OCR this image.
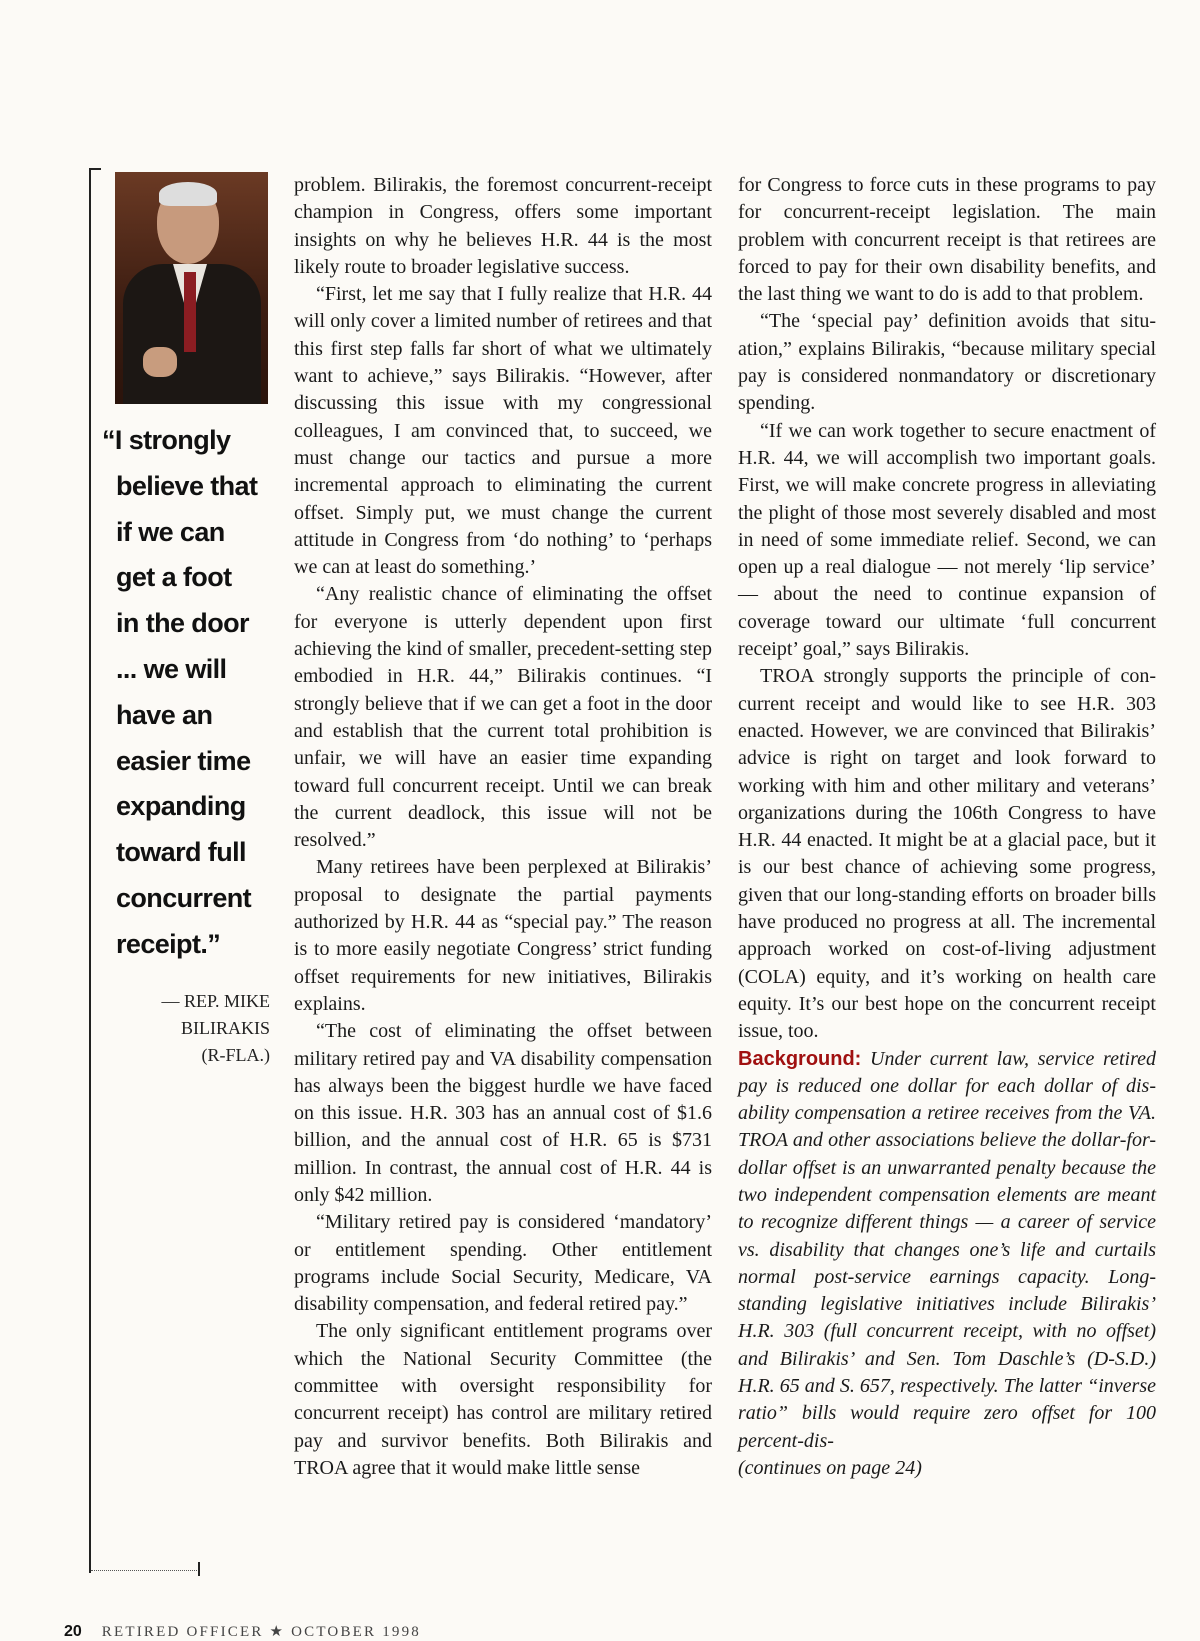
“I strongly
believe that
if we can
get a foot
in the door
... we will
have an
easier time
expanding
toward full
concurrent
receipt.”

— REP. MIKE
BILIRAKIS
(R-FLA.)

problem. Bilirakis, the foremost concurrent-receipt champion in Congress, offers some important insights on why he believes H.R. 44 is the most likely route to broader legislative success.

“First, let me say that I fully realize that H.R. 44 will only cover a limited number of retirees and that this first step falls far short of what we ultimately want to achieve,” says Bilirakis. “However, after discussing this issue with my congressional colleagues, I am convinced that, to succeed, we must change our tactics and pursue a more incremental approach to eliminating the current offset. Simply put, we must change the current attitude in Congress from ‘do nothing’ to ‘perhaps we can at least do something.’

“Any realistic chance of eliminating the offset for everyone is utterly dependent upon first achieving the kind of smaller, precedent-setting step embodied in H.R. 44,” Bilirakis continues. “I strongly believe that if we can get a foot in the door and establish that the current total prohibition is unfair, we will have an easier time expanding toward full concurrent receipt. Until we can break the current deadlock, this issue will not be resolved.”

Many retirees have been perplexed at Bilirakis’ proposal to designate the partial payments authorized by H.R. 44 as “special pay.” The reason is to more easily negotiate Congress’ strict funding offset requirements for new initiatives, Bilirakis explains.

“The cost of eliminating the offset between military retired pay and VA disability compensation has always been the biggest hurdle we have faced on this issue. H.R. 303 has an annual cost of $1.6 billion, and the annual cost of H.R. 65 is $731 million. In contrast, the annual cost of H.R. 44 is only $42 million.

“Military retired pay is considered ‘mandatory’ or entitlement spending. Other entitlement programs include Social Security, Medicare, VA disability compensation, and federal retired pay.”

The only significant entitlement programs over which the National Security Committee (the committee with oversight responsibility for concurrent receipt) has control are military retired pay and survivor benefits. Both Bilirakis and TROA agree that it would make little sense

for Congress to force cuts in these programs to pay for concurrent-receipt legislation. The main problem with concurrent receipt is that retirees are forced to pay for their own disability benefits, and the last thing we want to do is add to that problem.

“The ‘special pay’ definition avoids that situation,” explains Bilirakis, “because military special pay is considered nonmandatory or discretionary spending.

“If we can work together to secure enactment of H.R. 44, we will accomplish two important goals. First, we will make concrete progress in alleviating the plight of those most severely disabled and most in need of some immediate relief. Second, we can open up a real dialogue — not merely ‘lip service’ — about the need to continue expansion of coverage toward our ultimate ‘full concurrent receipt’ goal,” says Bilirakis.

TROA strongly supports the principle of concurrent receipt and would like to see H.R. 303 enacted. However, we are convinced that Bilirakis’ advice is right on target and look forward to working with him and other military and veterans’ organizations during the 106th Congress to have H.R. 44 enacted. It might be at a glacial pace, but it is our best chance of achieving some progress, given that our long-standing efforts on broader bills have produced no progress at all. The incremental approach worked on cost-of-living adjustment (COLA) equity, and it’s working on health care equity. It’s our best hope on the concurrent receipt issue, too.

Background: Under current law, service retired pay is reduced one dollar for each dollar of disability compensation a retiree receives from the VA. TROA and other associations believe the dollar-for-dollar offset is an unwarranted penalty because the two independent compensation elements are meant to recognize different things — a career of service vs. disability that changes one’s life and curtails normal post-service earnings capacity. Long-standing legislative initiatives include Bilirakis’ H.R. 303 (full concurrent receipt, with no offset) and Bilirakis’ and Sen. Tom Daschle’s (D-S.D.) H.R. 65 and S. 657, respectively. The latter “inverse ratio” bills would require zero offset for 100 percent-dis-

(continues on page 24)

20 RETIRED OFFICER ★ OCTOBER 1998
